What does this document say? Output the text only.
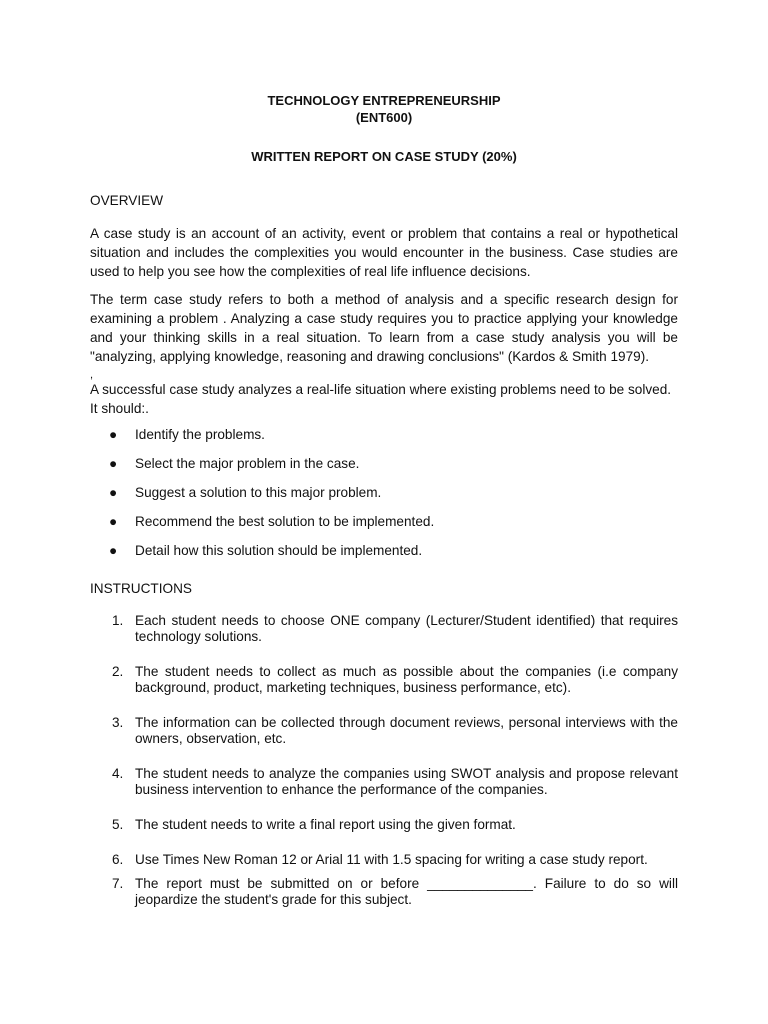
TECHNOLOGY ENTREPRENEURSHIP
(ENT600)
WRITTEN REPORT ON CASE STUDY (20%)
OVERVIEW

A case study is an account of an activity, event or problem that contains a real or hypothetical situation and includes the complexities you would encounter in the business. Case studies are used to help you see how the complexities of real life influence decisions.

The term case study refers to both a method of analysis and a specific research design for examining a problem . Analyzing a case study requires you to practice applying your knowledge and your thinking skills in a real situation. To learn from a case study analysis you will be "analyzing, applying knowledge, reasoning and drawing conclusions" (Kardos & Smith 1979).

,

A successful case study analyzes a real-life situation where existing problems need to be solved. It should:.

● Identify the problems.
● Select the major problem in the case.
● Suggest a solution to this major problem.
● Recommend the best solution to be implemented.
● Detail how this solution should be implemented.
INSTRUCTIONS
1. Each student needs to choose ONE company (Lecturer/Student identified) that requires technology solutions.
2. The student needs to collect as much as possible about the companies (i.e company background, product, marketing techniques, business performance, etc).
3. The information can be collected through document reviews, personal interviews with the owners, observation, etc.
4. The student needs to analyze the companies using SWOT analysis and propose relevant business intervention to enhance the performance of the companies.
5. The student needs to write a final report using the given format.
6. Use Times New Roman 12 or Arial 11 with 1.5 spacing for writing a case study report.
7. The report must be submitted on or before ______________. Failure to do so will jeopardize the student's grade for this subject.
